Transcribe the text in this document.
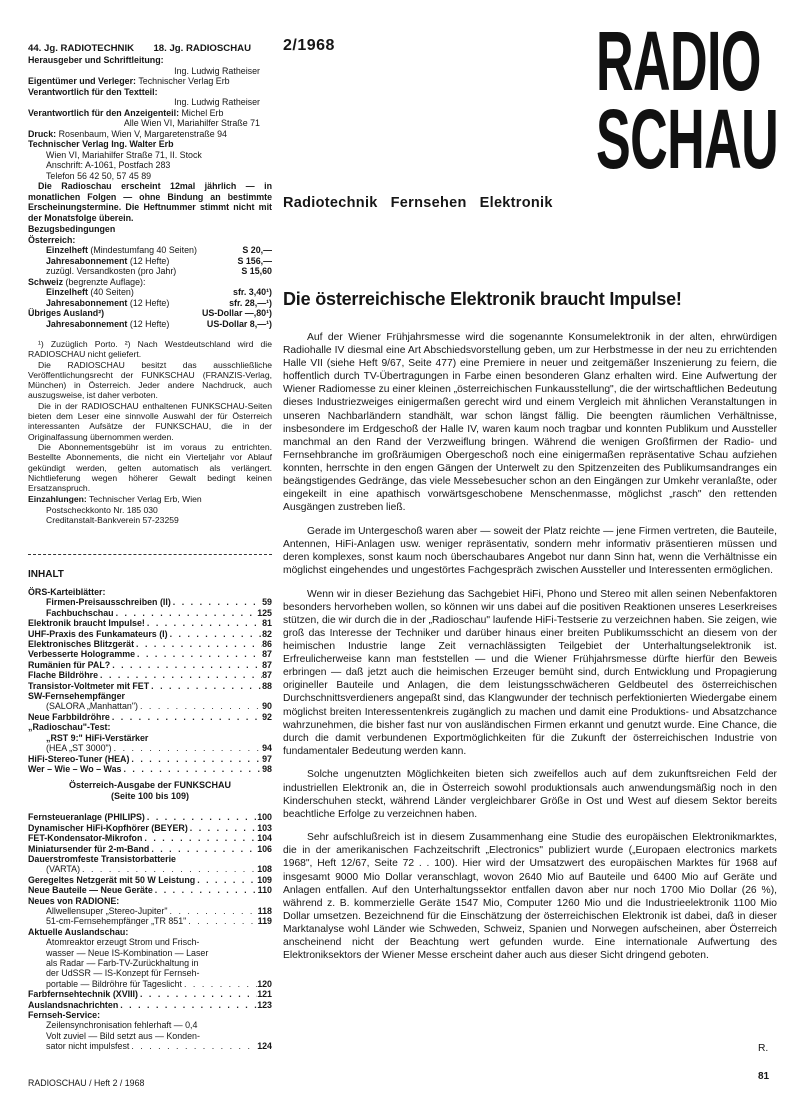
44. Jg. RADIOTECHNIK 18. Jg. RADIOSCHAU	2/1968
Herausgeber und Schriftleitung:
Ing. Ludwig Ratheiser
Eigentümer und Verleger: Technischer Verlag Erb
Verantwortlich für den Textteil:
Ing. Ludwig Ratheiser
Verantwortlich für den Anzeigenteil: Michel Erb
Alle Wien VI, Mariahilfer Straße 71
Druck: Rosenbaum, Wien V, Margaretenstraße 94
Technischer Verlag Ing. Walter Erb
Wien VI, Mariahilfer Straße 71, II. Stock
Anschrift: A-1061, Postfach 283
Telefon 56 42 50, 57 45 89
Die Radioschau erscheint 12mal jährlich — in monatlichen Folgen — ohne Bindung an bestimmte Erscheinungstermine. Die Heftnummer stimmt nicht mit der Monatsfolge überein.
RADIO
SCHAU
Radiotechnik   Fernsehen   Elektronik
Bezugsbedingungen
Österreich:
Einzelheft (Mindestumfang 40 Seiten)	S 20,—
Jahresabonnement (12 Hefte)	S 156,—
zuzügl. Versandkosten (pro Jahr)	S 15,60
Schweiz (begrenzte Auflage):
Einzelheft (40 Seiten)	sfr. 3,40¹)
Jahresabonnement (12 Hefte)	sfr. 28,—¹)
Übriges Ausland²)	US-Dollar —,80¹)
Jahresabonnement (12 Hefte)	US-Dollar 8,—¹)

¹) Zuzüglich Porto. ²) Nach Westdeutschland wird die RADIOSCHAU nicht geliefert.

Die RADIOSCHAU besitzt das ausschließliche Veröffentlichungsrecht der FUNKSCHAU (FRANZIS-Verlag, München) in Österreich. Jeder andere Nachdruck, auch auszugsweise, ist daher verboten.

Die in der RADIOSCHAU enthaltenen FUNKSCHAU-Seiten bieten dem Leser eine sinnvolle Auswahl der für Österreich interessanten Aufsätze der FUNKSCHAU, die in der Originalfassung übernommen werden.

Die Abonnementsgebühr ist im voraus zu entrichten. Bestellte Abonnements, die nicht ein Vierteljahr vor Ablauf gekündigt werden, gelten automatisch als verlängert. Nichtlieferung wegen höherer Gewalt bedingt keinen Ersatzanspruch.

Einzahlungen: Technischer Verlag Erb, Wien
Postscheckkonto Nr. 185 030
Creditanstalt-Bankverein 57-23259
INHALT
ÖRS-Karteiblätter:
Firmen-Preisausschreiben (II) . . .	59
Fachbuchschau . . .	125
Elektronik braucht Impulse! . . .	81
UHF-Praxis des Funkamateurs (I) . . .	82
Elektronisches Blitzgerät . . .	86
Verbesserte Hologramme . . .	87
Rumänien für PAL? . . .	87
Flache Bildröhre . . .	87
Transistor-Voltmeter mit FET . . .	88
SW-Fernsehempfänger
(SALORA „Manhattan") . . .	90
Neue Farbbildröhre . . .	92
„Radioschau"-Test:
„RST 9:" HiFi-Verstärker
(HEA „ST 3000") . . .	94
HiFi-Stereo-Tuner (HEA) . . .	97
Wer – Wie – Wo – Was . . .	98
Österreich-Ausgabe der FUNKSCHAU
(Seite 100 bis 109)
Fernsteueranlage (PHILIPS) . . .	100
Dynamischer HiFi-Kopfhörer (BEYER) . . .	103
FET-Kondensator-Mikrofon . . .	104
Miniatursender für 2-m-Band . . .	106
Dauerstromfeste Transistorbatterie
(VARTA) . . .	108
Geregeltes Netzgerät mit 50 W Leistung . . .	109
Neue Bauteile — Neue Geräte . . .	110
Neues von RADIONE:
Allwellensuper „Stereo-Jupiter" . . .	118
51-cm-Fernsehempfänger „TR 851" . . .	119
Aktuelle Auslandschau:
Atomreaktor erzeugt Strom und Frisch-
wasser — Neue IS-Kombination — Laser
als Radar — Farb-TV-Zurückhaltung in
der UdSSR — IS-Konzept für Fernseh-
portable — Bildröhre für Tageslicht . . .	120
Farbfernsehtechnik (XVIII) . . .	121
Auslandsnachrichten . . .	123
Fernseh-Service:
Zeilensynchronisation fehlerhaft — 0,4
Volt zuviel — Bild setzt aus — Konden-
sator nicht impulsfest . . .	124
Die österreichische Elektronik braucht Impulse!

Auf der Wiener Frühjahrsmesse wird die sogenannte Konsumelektronik in der alten, ehrwürdigen Radiohalle IV diesmal eine Art Abschiedsvorstellung geben, um zur Herbstmesse in der neu zu errichtenden Halle VII (siehe Heft 9/67, Seite 477) eine Premiere in neuer und zeitgemäßer Inszenierung zu feiern, die hoffentlich durch TV-Übertragungen in Farbe einen besonderen Glanz erhalten wird. Eine Aufwertung der Wiener Radiomesse zu einer kleinen „österreichischen Funkausstellung", die der wirtschaftlichen Bedeutung dieses Industriezweiges einigermaßen gerecht wird und einem Vergleich mit ähnlichen Veranstaltungen in unseren Nachbarländern standhält, war schon längst fällig. Die beengten räumlichen Verhältnisse, insbesondere im Erdgeschoß der Halle IV, waren kaum noch tragbar und konnten Publikum und Aussteller manchmal an den Rand der Verzweiflung bringen. Während die wenigen Großfirmen der Radio- und Fernsehbranche im großräumigen Obergeschoß noch eine einigermaßen repräsentative Schau aufziehen konnten, herrschte in den engen Gängen der Unterwelt zu den Spitzenzeiten des Publikumsandranges ein beängstigendes Gedränge, das viele Messebesucher schon an den Eingängen zur Umkehr veranlaßte, oder eingekeilt in eine apathisch vorwärtsgeschobene Menschenmasse, möglichst „rasch" den rettenden Ausgängen zustreben ließ.

Gerade im Untergeschoß waren aber — soweit der Platz reichte — jene Firmen vertreten, die Bauteile, Antennen, HiFi-Anlagen usw. weniger repräsentativ, sondern mehr informativ präsentieren müssen und deren komplexes, sonst kaum noch überschaubares Angebot nur dann Sinn hat, wenn die Verhältnisse ein möglichst eingehendes und ungestörtes Fachgespräch zwischen Aussteller und Interessenten ermöglichen.

Wenn wir in dieser Beziehung das Sachgebiet HiFi, Phono und Stereo mit allen seinen Nebenfaktoren besonders hervorheben wollen, so können wir uns dabei auf die positiven Reaktionen unseres Leserkreises stützen, die wir durch die in der „Radioschau" laufende HiFi-Testserie zu verzeichnen haben. Sie zeigen, wie groß das Interesse der Techniker und darüber hinaus einer breiten Publikumsschicht an diesem von der heimischen Industrie lange Zeit vernachlässigten Teilgebiet der Unterhaltungselektronik ist. Erfreulicherweise kann man feststellen — und die Wiener Frühjahrsmesse dürfte hierfür den Beweis erbringen — daß jetzt auch die heimischen Erzeuger bemüht sind, durch Entwicklung und Propagierung origineller Bauteile und Anlagen, die dem leistungsschwächeren Geldbeutel des österreichischen Durchschnittsverdieners angepaßt sind, das Klangwunder der technisch perfektionierten Wiedergabe einem möglichst breiten Interessentenkreis zugänglich zu machen und damit eine Produktions- und Absatzchance wahrzunehmen, die bisher fast nur von ausländischen Firmen erkannt und genutzt wurde. Eine Chance, die durch die damit verbundenen Exportmöglichkeiten für die Zukunft der österreichischen Industrie von fundamentaler Bedeutung werden kann.

Solche ungenutzten Möglichkeiten bieten sich zweifellos auch auf dem zukunftsreichen Feld der industriellen Elektronik an, die in Österreich sowohl produktionsals auch anwendungsmäßig noch in den Kinderschuhen steckt, während Länder vergleichbarer Größe in Ost und West auf diesem Sektor bereits beachtliche Erfolge zu verzeichnen haben.

Sehr aufschlußreich ist in diesem Zusammenhang eine Studie des europäischen Elektronikmarktes, die in der amerikanischen Fachzeitschrift „Electronics" publiziert wurde („Europaen electronics markets 1968", Heft 12/67, Seite 72 . . 100). Hier wird der Umsatzwert des europäischen Marktes für 1968 auf insgesamt 9000 Mio Dollar veranschlagt, wovon 2640 Mio auf Bauteile und 6400 Mio auf Geräte und Anlagen entfallen. Auf den Unterhaltungssektor entfallen davon aber nur noch 1700 Mio Dollar (26 %), während z. B. kommerzielle Geräte 1547 Mio, Computer 1260 Mio und die Industrieelektronik 1100 Mio Dollar umsetzen. Bezeichnend für die Einschätzung der österreichischen Elektronik ist dabei, daß in dieser Marktanalyse wohl Länder wie Schweden, Schweiz, Spanien und Norwegen aufscheinen, aber Österreich anscheinend nicht der Beachtung wert gefunden wurde. Eine internationale Aufwertung des Elektroniksektors der Wiener Messe erscheint daher auch aus dieser Sicht dringend geboten.

R.
RADIOSCHAU / Heft 2 / 1968
81
